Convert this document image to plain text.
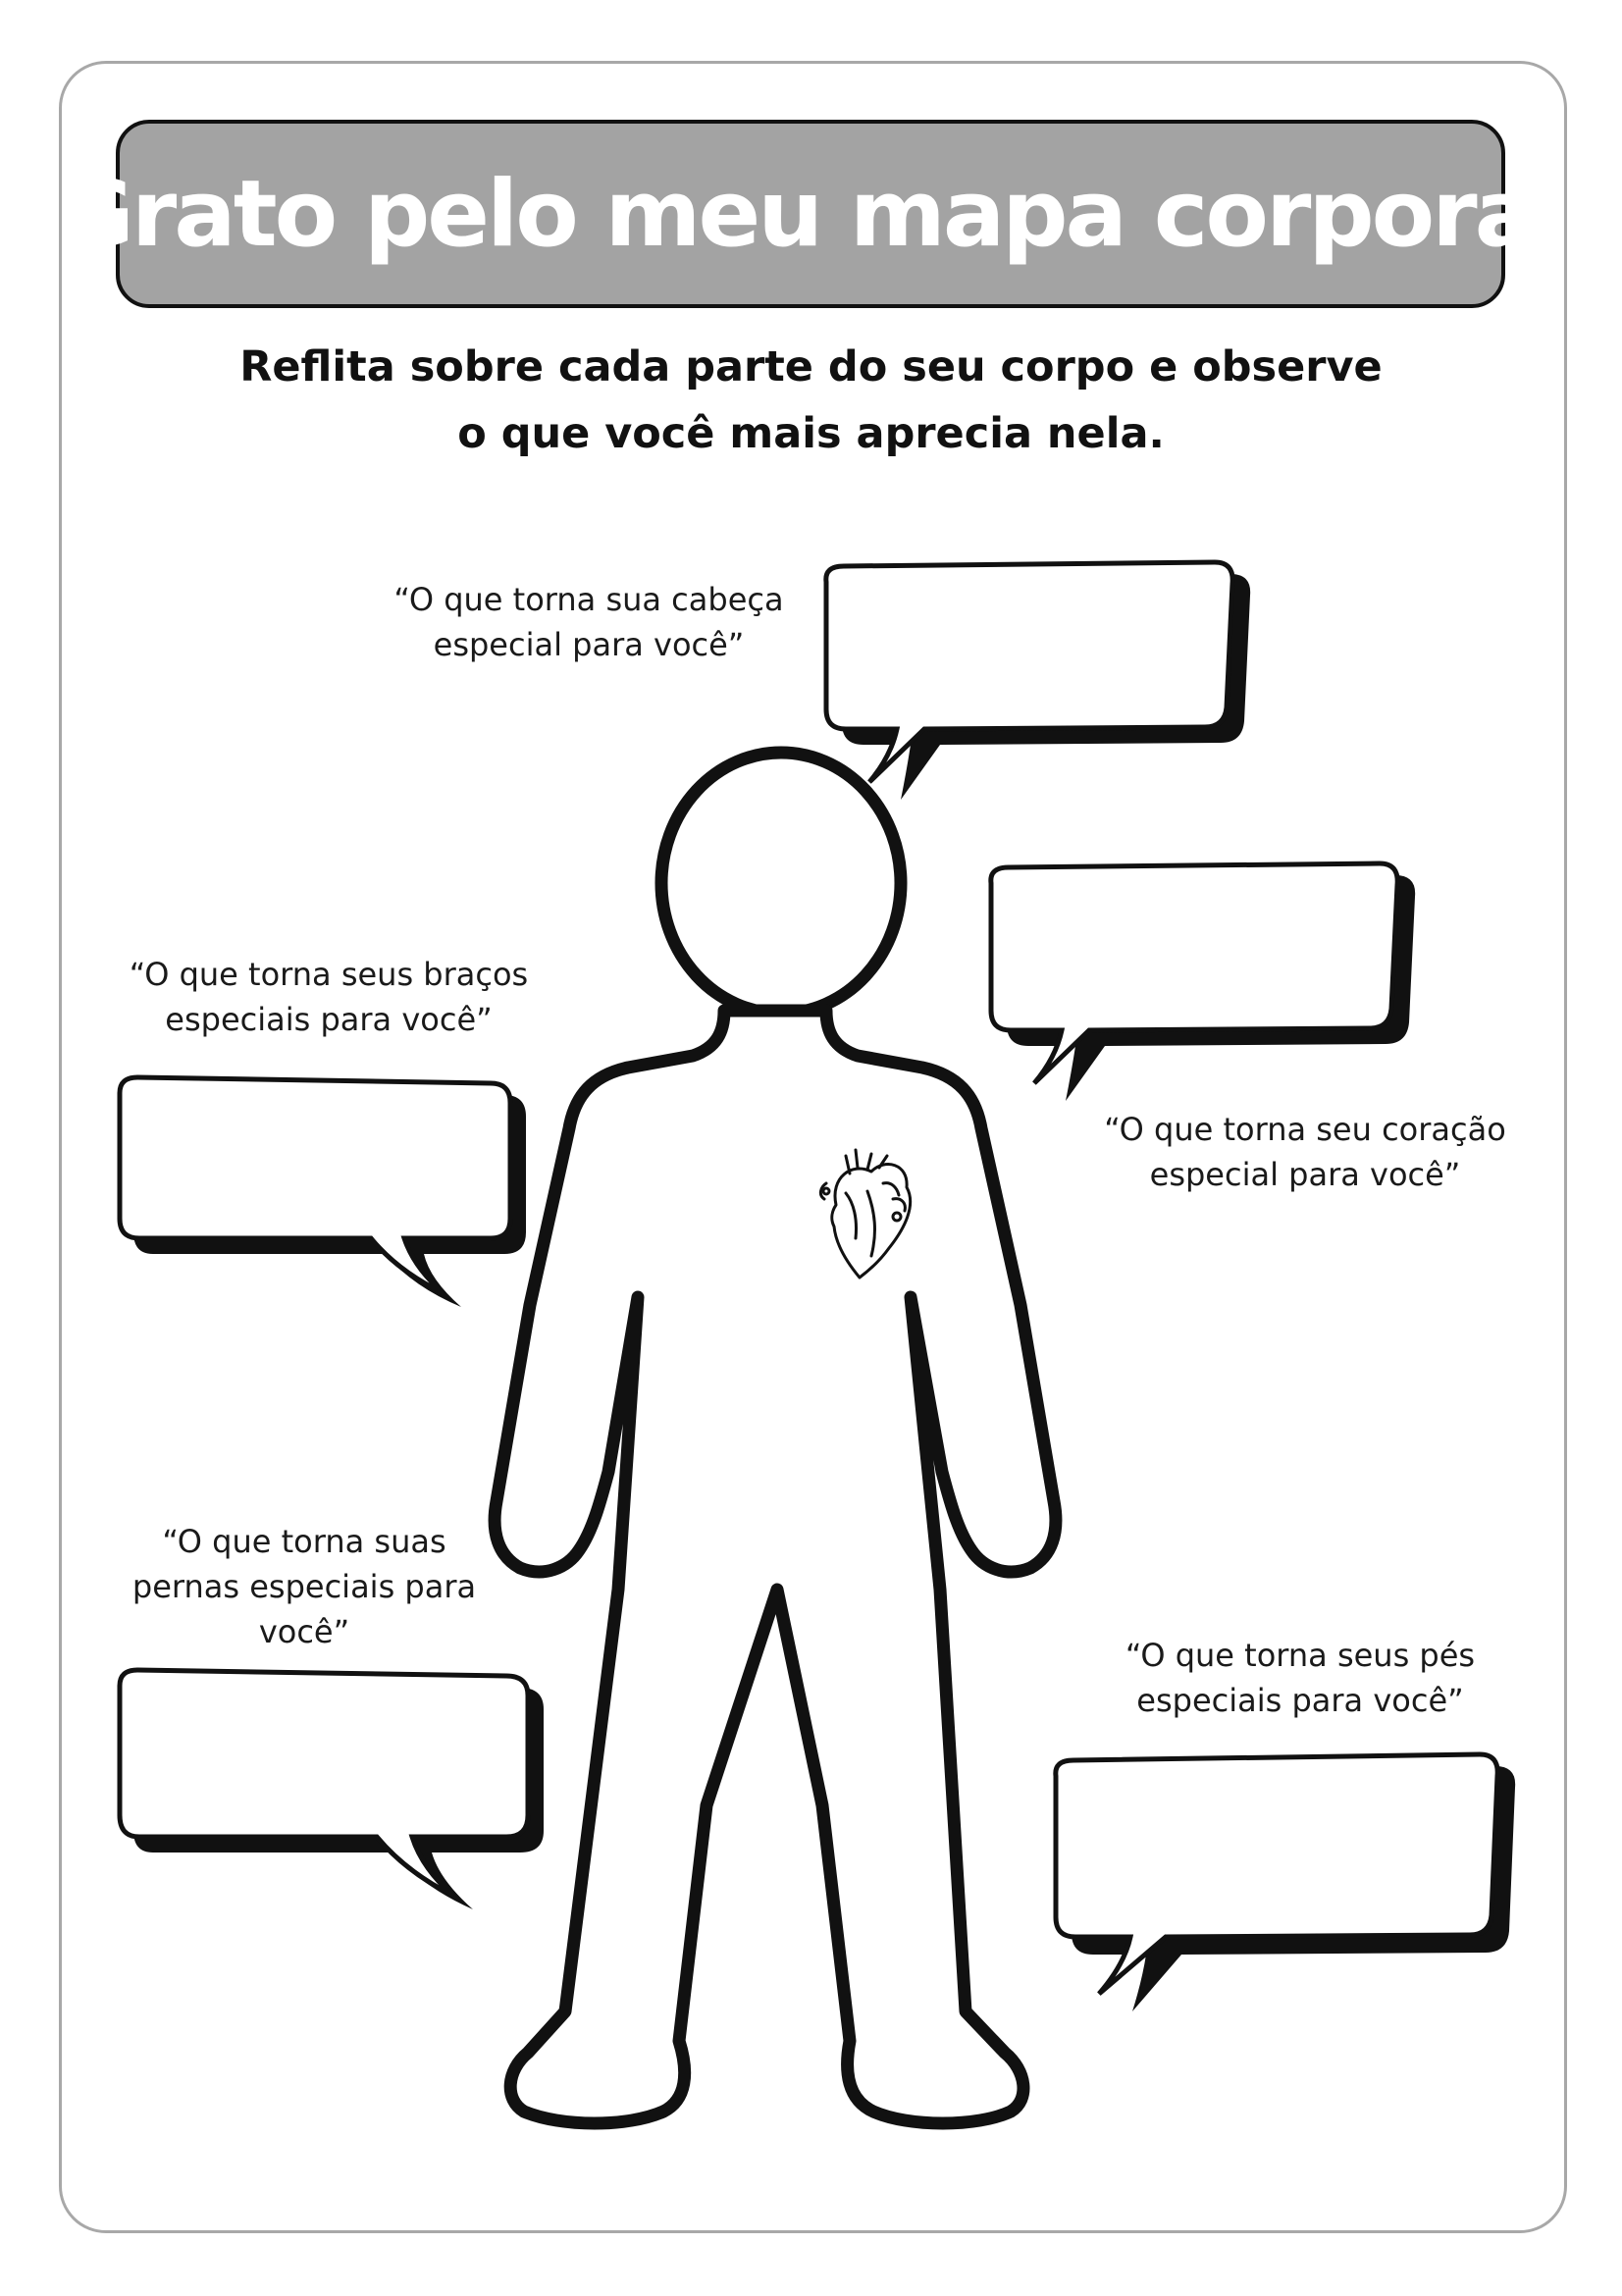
Grato pelo meu mapa corporal
Reflita sobre cada parte do seu corpo e observe o que você mais aprecia nela.
“O que torna sua cabeça especial para você”
“O que torna seus braços especiais para você”
“O que torna seu coração especial para você”
“O que torna suas pernas especiais para você”
“O que torna seus pés especiais para você”
